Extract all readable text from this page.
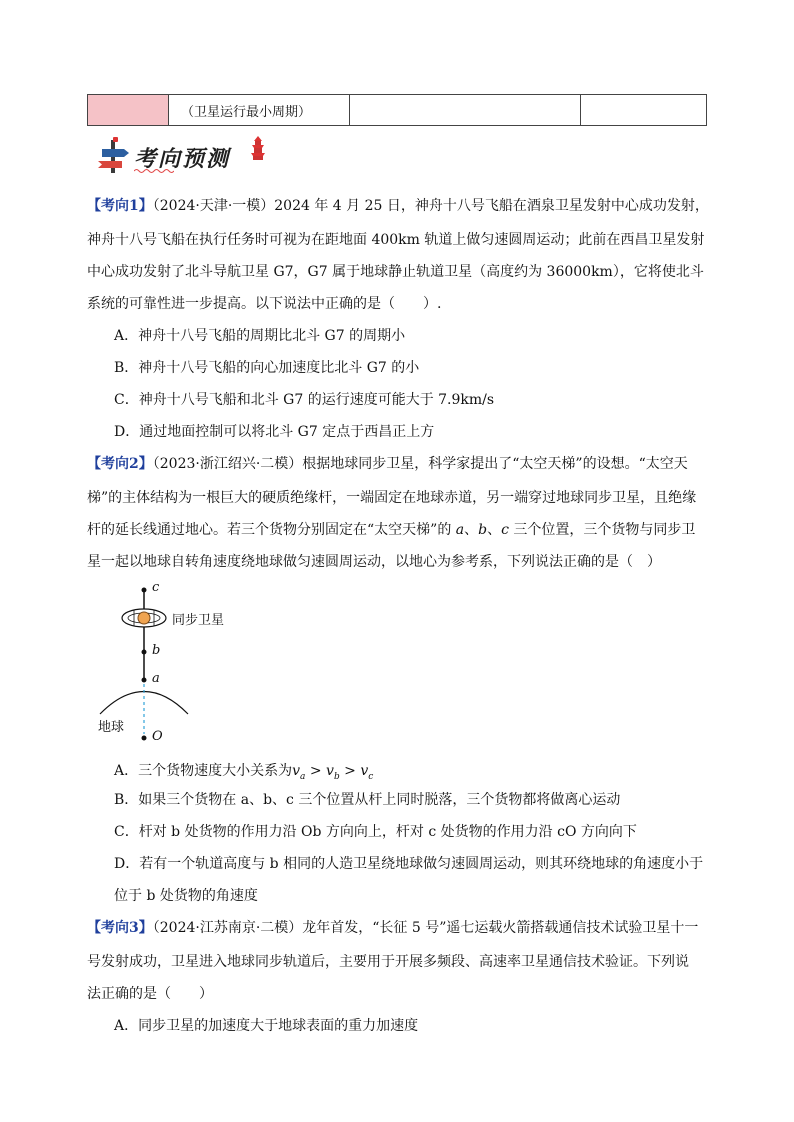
（卫星运行最小周期）
考向预测
【考向1】（2024·天津·一模）2024 年 4 月 25 日，神舟十八号飞船在酒泉卫星发射中心成功发射，
神舟十八号飞船在执行任务时可视为在距地面 400km 轨道上做匀速圆周运动；此前在西昌卫星发射
中心成功发射了北斗导航卫星 G7，G7 属于地球静止轨道卫星（高度约为 36000km），它将使北斗
系统的可靠性进一步提高。以下说法中正确的是（　　）.
A．神舟十八号飞船的周期比北斗 G7 的周期小
B．神舟十八号飞船的向心加速度比北斗 G7 的小
C．神舟十八号飞船和北斗 G7 的运行速度可能大于 7.9km/s
D．通过地面控制可以将北斗 G7 定点于西昌正上方
【考向2】（2023·浙江绍兴·二模）根据地球同步卫星，科学家提出了“太空天梯”的设想。“太空天
梯”的主体结构为一根巨大的硬质绝缘杆，一端固定在地球赤道，另一端穿过地球同步卫星，且绝缘
杆的延长线通过地心。若三个货物分别固定在“太空天梯”的 a、b、c 三个位置，三个货物与同步卫
星一起以地球自转角速度绕地球做匀速圆周运动，以地心为参考系，下列说法正确的是（　）
c
同步卫星
b
a
地球
O
A．三个货物速度大小关系为$v_a > v_b > v_c$
B．如果三个货物在 a、b、c 三个位置从杆上同时脱落，三个货物都将做离心运动
C．杆对 b 处货物的作用力沿 Ob 方向向上，杆对 c 处货物的作用力沿 cO 方向向下
D．若有一个轨道高度与 b 相同的人造卫星绕地球做匀速圆周运动，则其环绕地球的角速度小于
位于 b 处货物的角速度
【考向3】（2024·江苏南京·二模）龙年首发，“长征 5 号”遥七运载火箭搭载通信技术试验卫星十一
号发射成功，卫星进入地球同步轨道后，主要用于开展多频段、高速率卫星通信技术验证。下列说
法正确的是（　　）
A．同步卫星的加速度大于地球表面的重力加速度
